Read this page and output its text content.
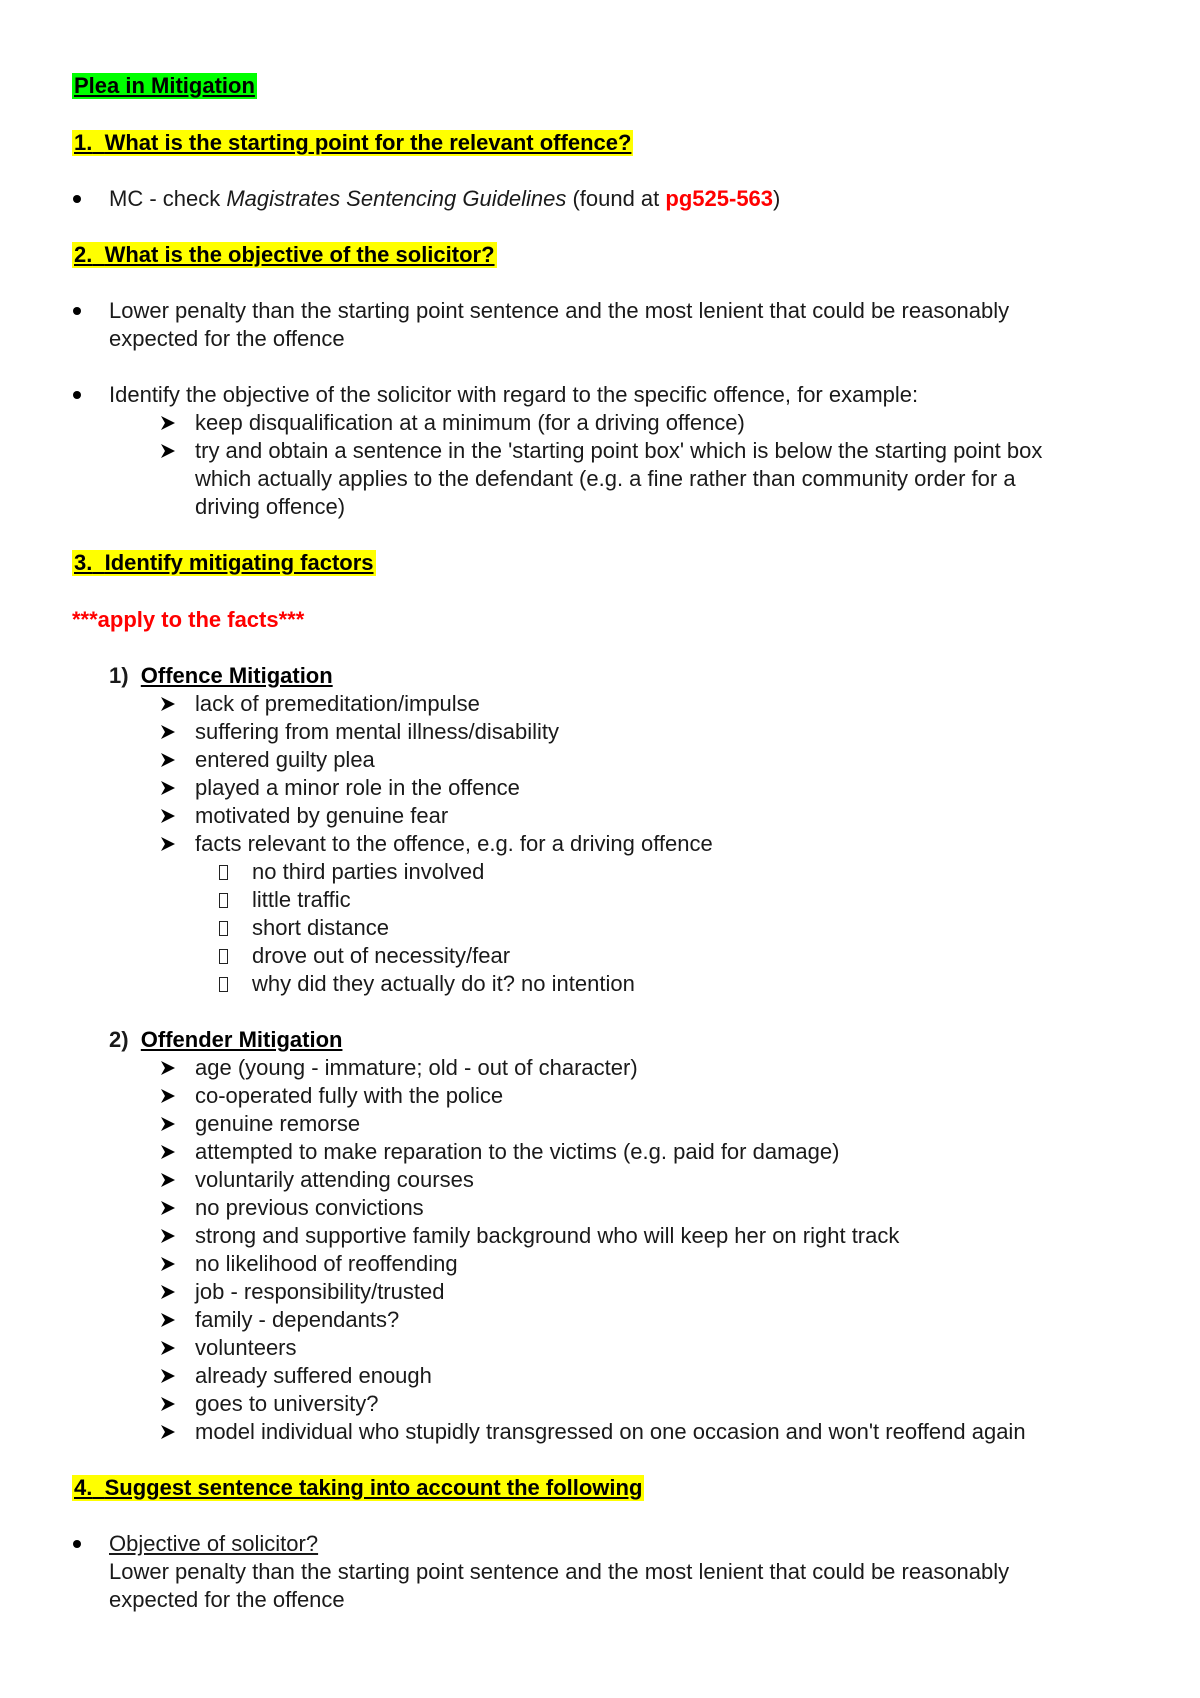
Plea in Mitigation
1. What is the starting point for the relevant offence?
MC - check Magistrates Sentencing Guidelines (found at pg525-563)
2. What is the objective of the solicitor?
Lower penalty than the starting point sentence and the most lenient that could be reasonably
expected for the offence
Identify the objective of the solicitor with regard to the specific offence, for example:
keep disqualification at a minimum (for a driving offence)
try and obtain a sentence in the 'starting point box' which is below the starting point box
which actually applies to the defendant (e.g. a fine rather than community order for a
driving offence)
3. Identify mitigating factors
***apply to the facts***
1) Offence Mitigation
lack of premeditation/impulse
suffering from mental illness/disability
entered guilty plea
played a minor role in the offence
motivated by genuine fear
facts relevant to the offence, e.g. for a driving offence
no third parties involved
little traffic
short distance
drove out of necessity/fear
why did they actually do it? no intention
2) Offender Mitigation
age (young - immature; old - out of character)
co-operated fully with the police
genuine remorse
attempted to make reparation to the victims (e.g. paid for damage)
voluntarily attending courses
no previous convictions
strong and supportive family background who will keep her on right track
no likelihood of reoffending
job - responsibility/trusted
family - dependants?
volunteers
already suffered enough
goes to university?
model individual who stupidly transgressed on one occasion and won't reoffend again
4. Suggest sentence taking into account the following
Objective of solicitor?
Lower penalty than the starting point sentence and the most lenient that could be reasonably
expected for the offence
